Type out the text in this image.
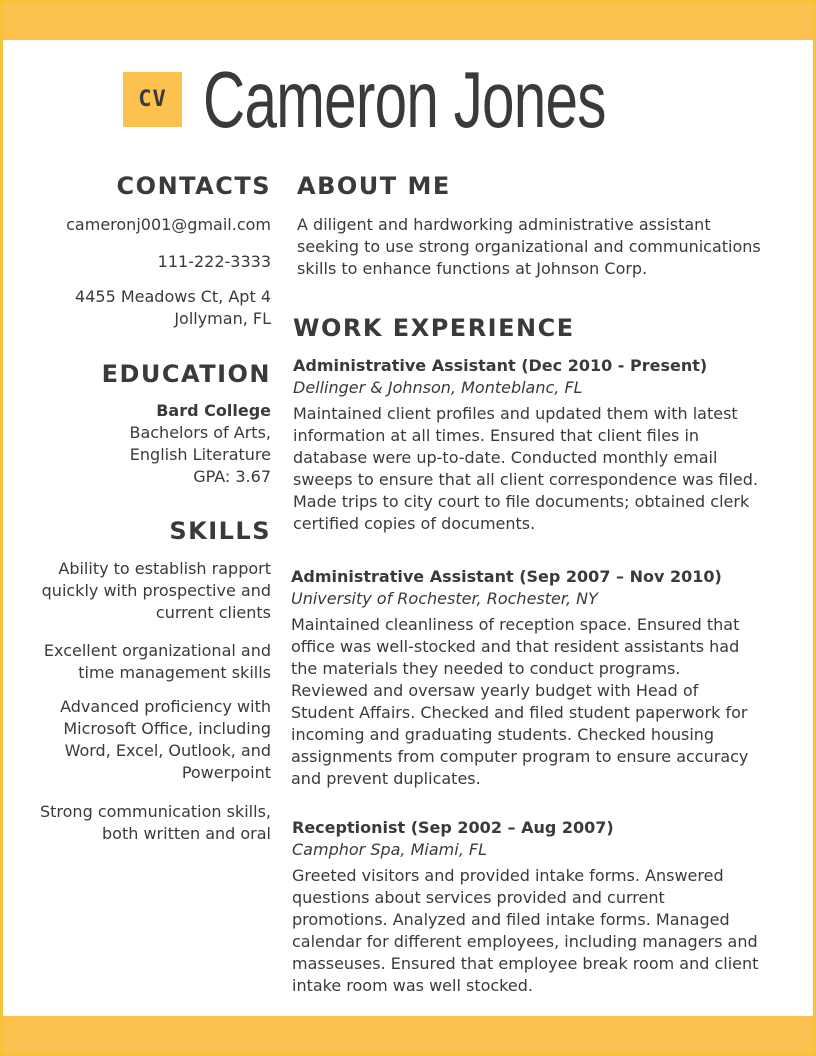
CV Cameron Jones
CONTACTS
cameronj001@gmail.com
111-222-3333
4455 Meadows Ct, Apt 4
Jollyman, FL
EDUCATION
Bard College
Bachelors of Arts,
English Literature
GPA: 3.67
SKILLS
Ability to establish rapport quickly with prospective and current clients
Excellent organizational and time management skills
Advanced proficiency with Microsoft Office, including Word, Excel, Outlook, and Powerpoint
Strong communication skills, both written and oral
ABOUT ME
A diligent and hardworking administrative assistant seeking to use strong organizational and communications skills to enhance functions at Johnson Corp.
WORK EXPERIENCE
Administrative Assistant (Dec 2010 - Present)
Dellinger & Johnson, Monteblanc, FL
Maintained client profiles and updated them with latest information at all times. Ensured that client files in database were up-to-date. Conducted monthly email sweeps to ensure that all client correspondence was filed. Made trips to city court to file documents; obtained clerk certified copies of documents.
Administrative Assistant (Sep 2007 – Nov 2010)
University of Rochester, Rochester, NY
Maintained cleanliness of reception space. Ensured that office was well-stocked and that resident assistants had the materials they needed to conduct programs. Reviewed and oversaw yearly budget with Head of Student Affairs. Checked and filed student paperwork for incoming and graduating students. Checked housing assignments from computer program to ensure accuracy and prevent duplicates.
Receptionist (Sep 2002 – Aug 2007)
Camphor Spa, Miami, FL
Greeted visitors and provided intake forms. Answered questions about services provided and current promotions. Analyzed and filed intake forms. Managed calendar for different employees, including managers and masseuses. Ensured that employee break room and client intake room was well stocked.
